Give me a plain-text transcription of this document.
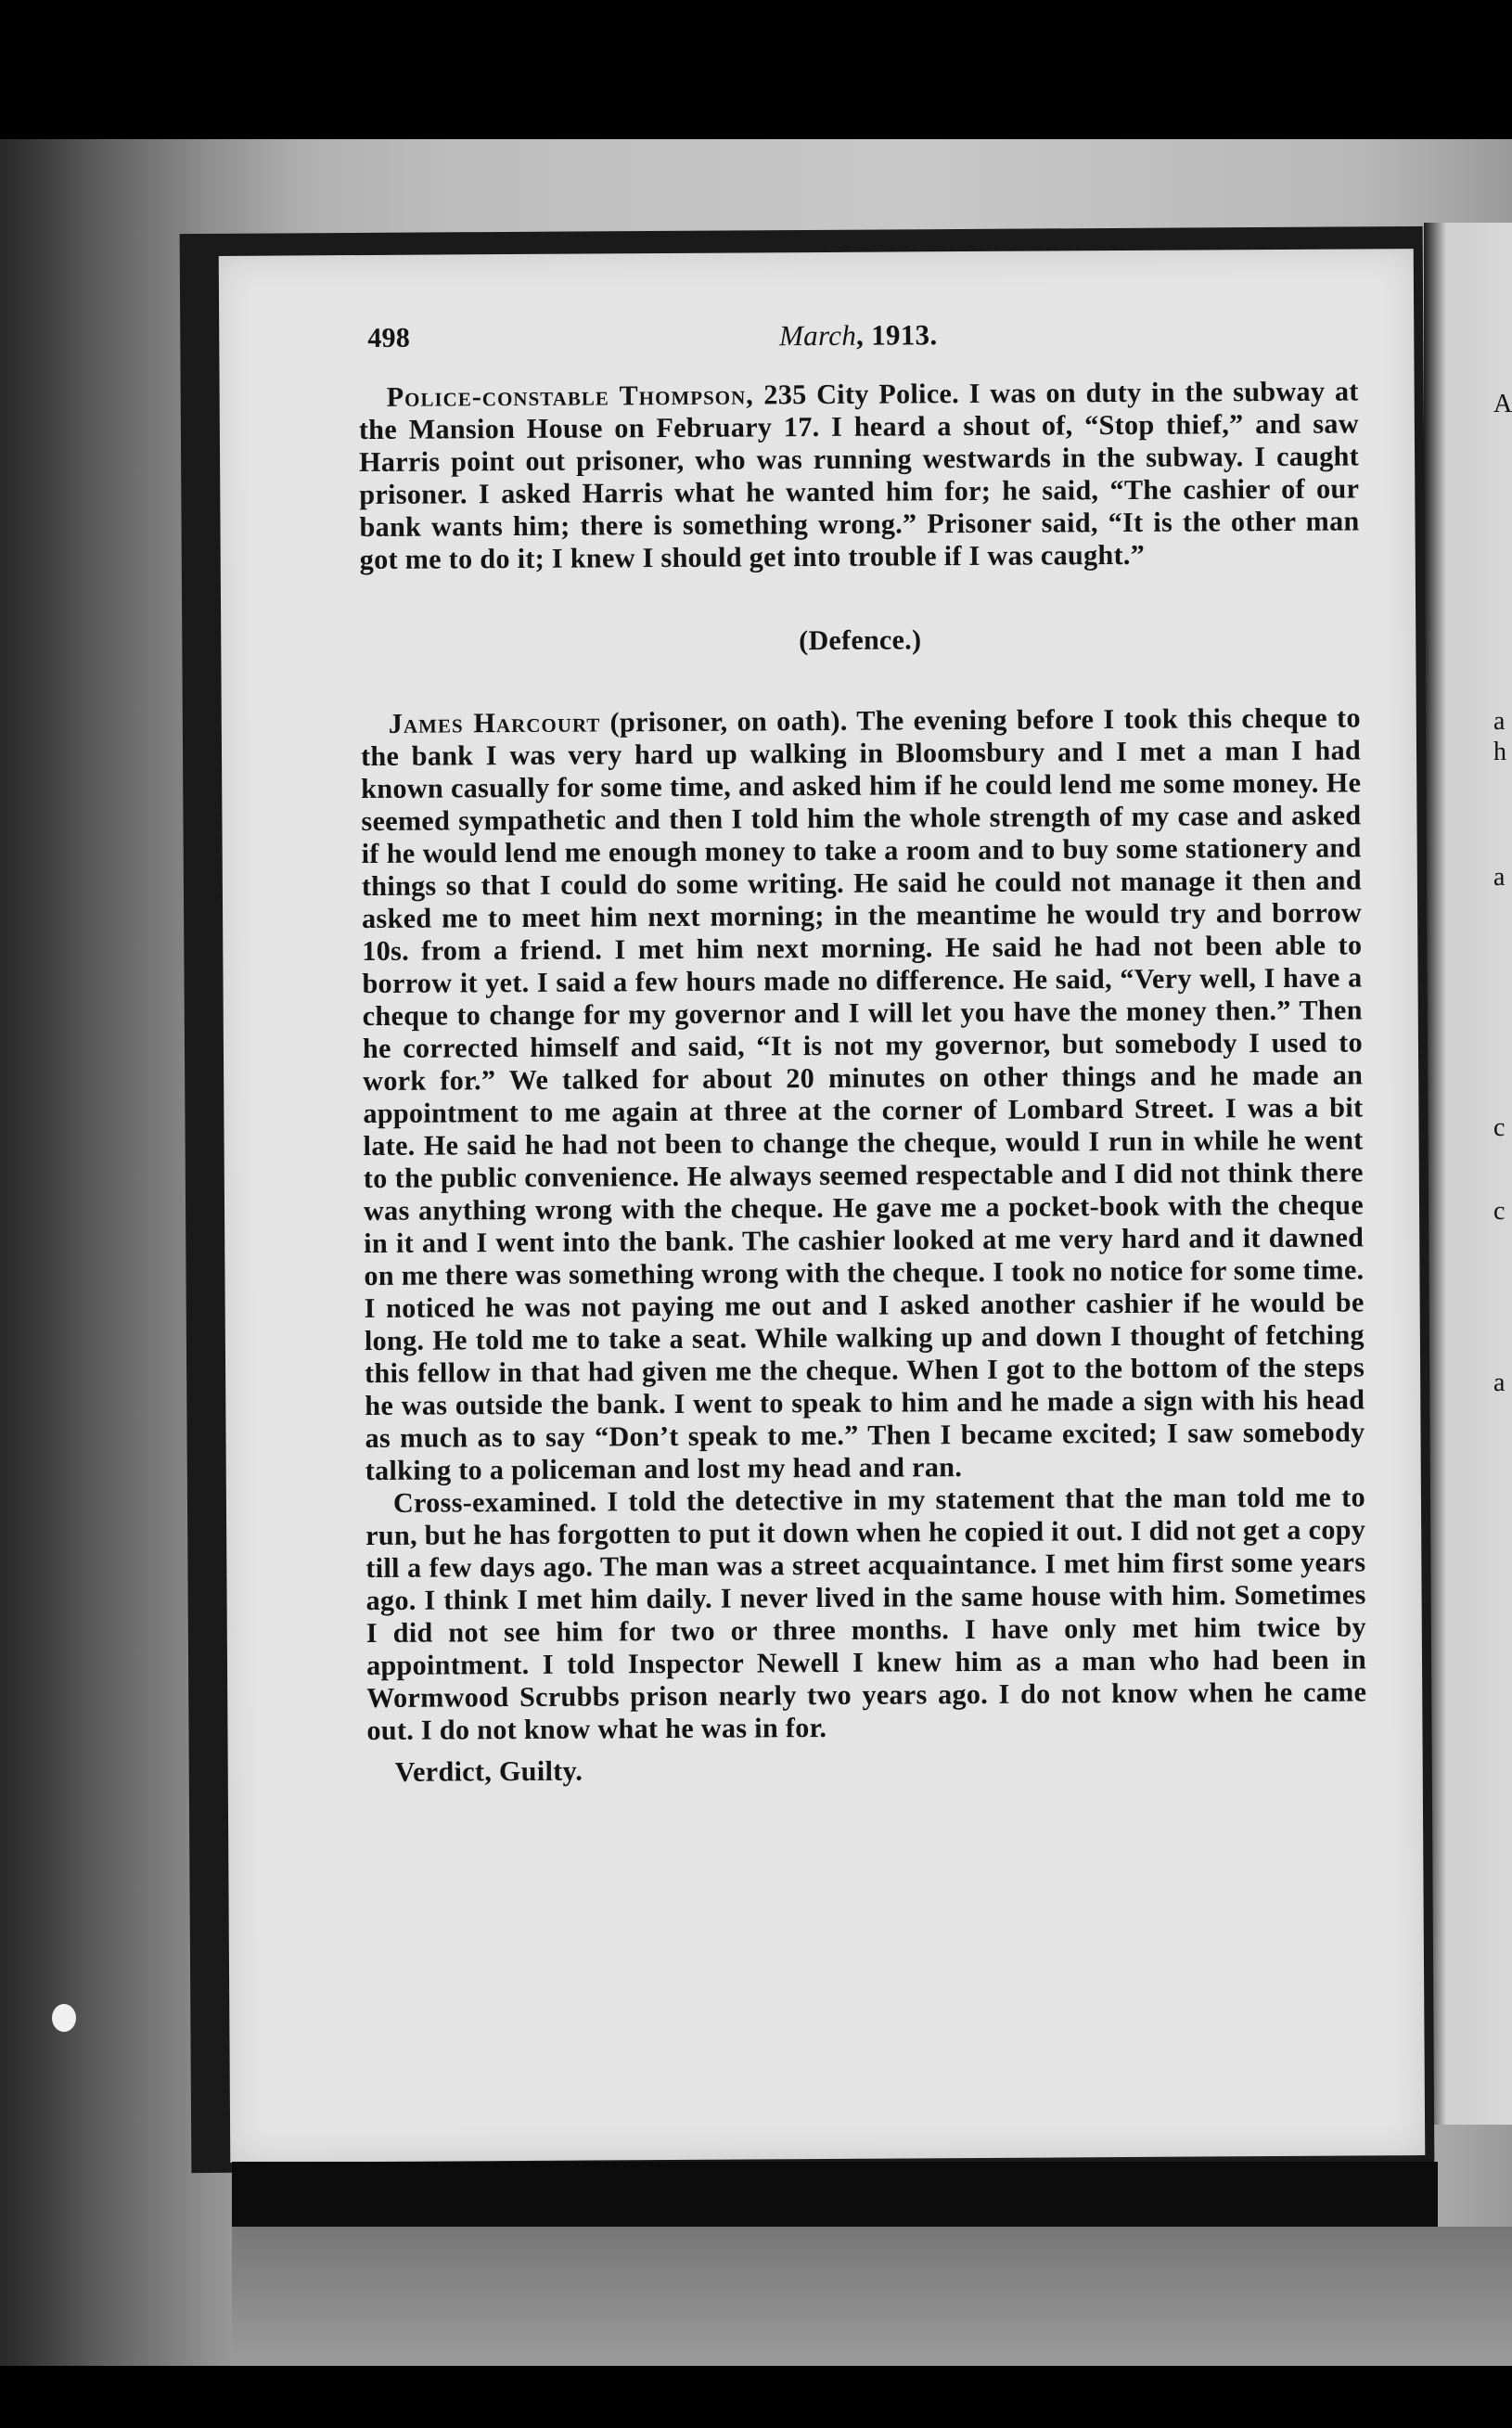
A
a
h
a
c
c
a
498	March, 1913.

Police-constable Thompson, 235 City Police. I was on duty in the subway at the Mansion House on February 17. I heard a shout of, “Stop thief,” and saw Harris point out prisoner, who was running westwards in the subway. I caught prisoner. I asked Harris what he wanted him for; he said, “The cashier of our bank wants him; there is something wrong.” Prisoner said, “It is the other man got me to do it; I knew I should get into trouble if I was caught.”

(Defence.)

James Harcourt (prisoner, on oath). The evening before I took this cheque to the bank I was very hard up walking in Bloomsbury and I met a man I had known casually for some time, and asked him if he could lend me some money. He seemed sympathetic and then I told him the whole strength of my case and asked if he would lend me enough money to take a room and to buy some stationery and things so that I could do some writing. He said he could not manage it then and asked me to meet him next morning; in the meantime he would try and borrow 10s. from a friend. I met him next morning. He said he had not been able to borrow it yet. I said a few hours made no difference. He said, “Very well, I have a cheque to change for my governor and I will let you have the money then.” Then he corrected himself and said, “It is not my governor, but somebody I used to work for.” We talked for about 20 minutes on other things and he made an appointment to me again at three at the corner of Lombard Street. I was a bit late. He said he had not been to change the cheque, would I run in while he went to the public convenience. He always seemed respectable and I did not think there was anything wrong with the cheque. He gave me a pocket-book with the cheque in it and I went into the bank. The cashier looked at me very hard and it dawned on me there was something wrong with the cheque. I took no notice for some time. I noticed he was not paying me out and I asked another cashier if he would be long. He told me to take a seat. While walking up and down I thought of fetching this fellow in that had given me the cheque. When I got to the bottom of the steps he was outside the bank. I went to speak to him and he made a sign with his head as much as to say “Don’t speak to me.” Then I became excited; I saw somebody talking to a policeman and lost my head and ran.

Cross-examined. I told the detective in my statement that the man told me to run, but he has forgotten to put it down when he copied it out. I did not get a copy till a few days ago. The man was a street acquaintance. I met him first some years ago. I think I met him daily. I never lived in the same house with him. Sometimes I did not see him for two or three months. I have only met him twice by appointment. I told Inspector Newell I knew him as a man who had been in Wormwood Scrubbs prison nearly two years ago. I do not know when he came out. I do not know what he was in for.

Verdict, Guilty.
